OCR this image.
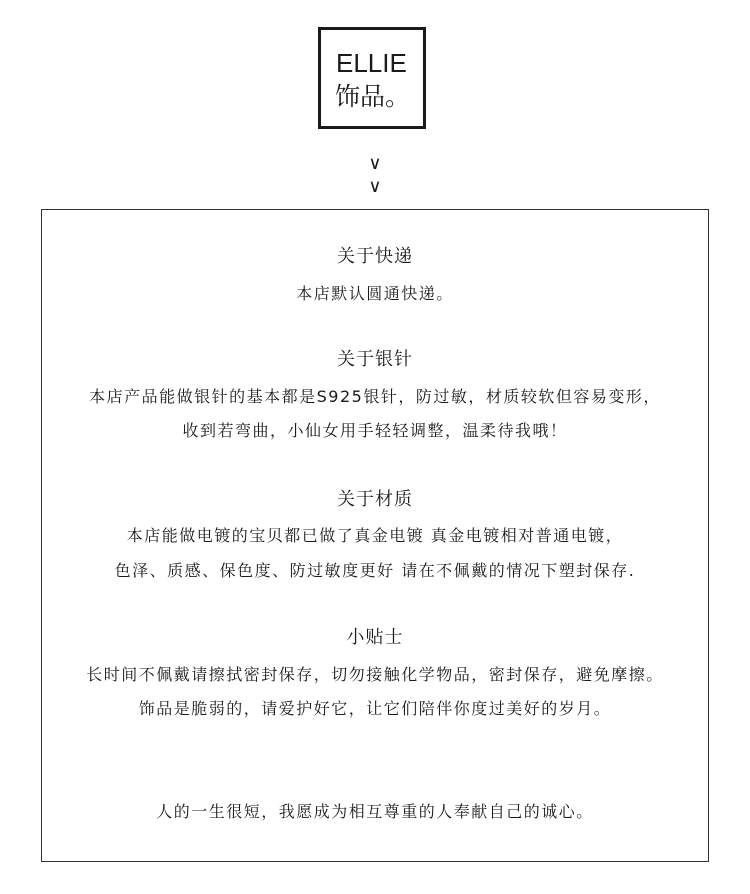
ELLIE
饰品。
∨
∨
关于快递
本店默认圆通快递。
关于银针
本店产品能做银针的基本都是S925银针，防过敏，材质较软但容易变形，
收到若弯曲，小仙女用手轻轻调整，温柔待我哦！
关于材质
本店能做电镀的宝贝都已做了真金电镀 真金电镀相对普通电镀，
色泽、质感、保色度、防过敏度更好 请在不佩戴的情况下塑封保存.
小贴士
长时间不佩戴请擦拭密封保存，切勿接触化学物品，密封保存，避免摩擦。
饰品是脆弱的，请爱护好它，让它们陪伴你度过美好的岁月。
人的一生很短，我愿成为相互尊重的人奉献自己的诚心。
